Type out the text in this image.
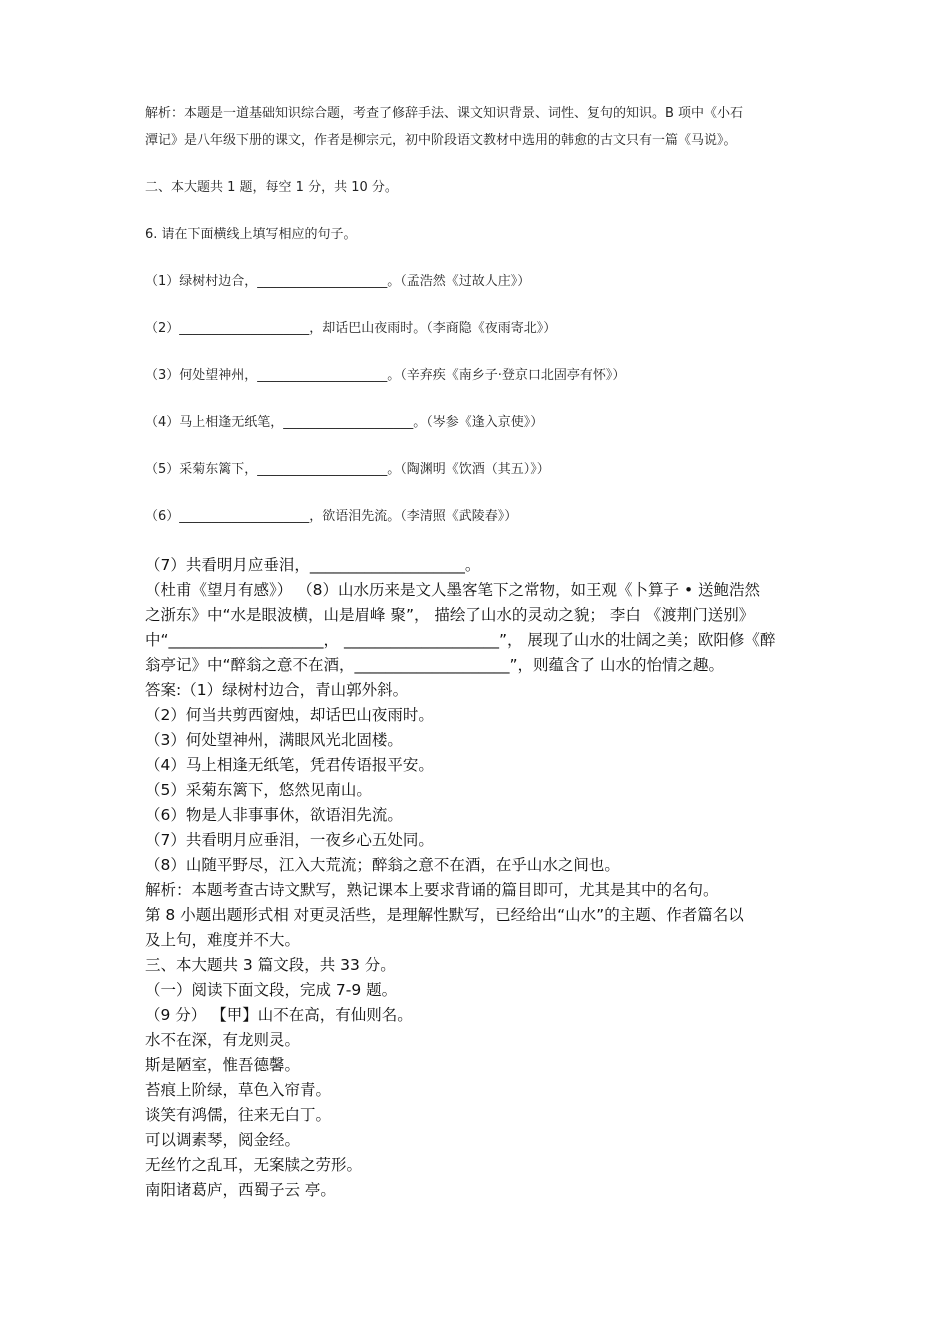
解析：本题是一道基础知识综合题，考查了修辞手法、课文知识背景、词性、复句的知识。B 项中《小石
潭记》是八年级下册的课文，作者是柳宗元，初中阶段语文教材中选用的韩愈的古文只有一篇《马说》。
二、本大题共 1 题，每空 1 分，共 10 分。
6. 请在下面横线上填写相应的句子。
（1）绿树村边合，____________________。（孟浩然《过故人庄》）
（2）____________________，却话巴山夜雨时。（李商隐《夜雨寄北》）
（3）何处望神州，____________________。（辛弃疾《南乡子·登京口北固亭有怀》）
（4）马上相逢无纸笔，____________________。（岑参《逢入京使》）
（5）采菊东篱下，____________________。（陶渊明《饮酒（其五）》）
（6）____________________，欲语泪先流。（李清照《武陵春》）
（7）共看明月应垂泪，____________________。
（杜甫《望月有感》） （8）山水历来是文人墨客笔下之常物，如王观《卜算子 • 送鲍浩然
之浙东》中“水是眼波横，山是眉峰 聚”， 描绘了山水的灵动之貌； 李白 《渡荆门送别》
中“____________________， ____________________”， 展现了山水的壮阔之美；欧阳修《醉
翁亭记》中“醉翁之意不在酒，____________________”，则蕴含了 山水的怡情之趣。
答案:（1）绿树村边合，青山郭外斜。
（2）何当共剪西窗烛，却话巴山夜雨时。
（3）何处望神州，满眼风光北固楼。
（4）马上相逢无纸笔，凭君传语报平安。
（5）采菊东篱下，悠然见南山。
（6）物是人非事事休，欲语泪先流。
（7）共看明月应垂泪，一夜乡心五处同。
（8）山随平野尽，江入大荒流；醉翁之意不在酒，在乎山水之间也。
解析：本题考查古诗文默写，熟记课本上要求背诵的篇目即可，尤其是其中的名句。
第 8 小题出题形式相 对更灵活些，是理解性默写，已经给出“山水”的主题、作者篇名以
及上句，难度并不大。
三、本大题共 3 篇文段，共 33 分。
（一）阅读下面文段，完成 7-9 题。
（9 分） 【甲】山不在高，有仙则名。
水不在深，有龙则灵。
斯是陋室，惟吾德馨。
苔痕上阶绿，草色入帘青。
谈笑有鸿儒，往来无白丁。
可以调素琴，阅金经。
无丝竹之乱耳，无案牍之劳形。
南阳诸葛庐，西蜀子云 亭。
